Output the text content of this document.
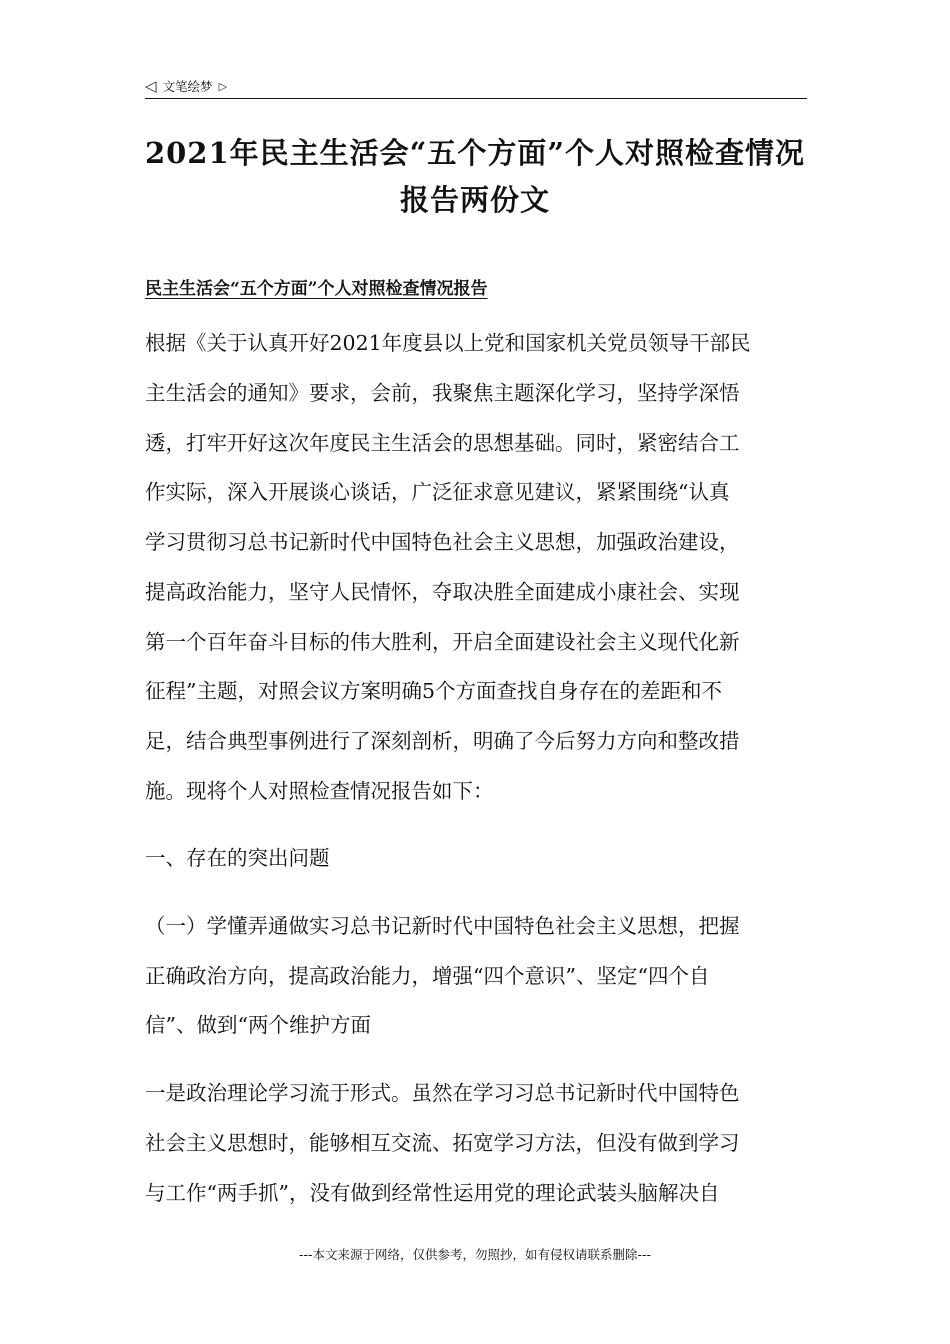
◁ 文笔绘梦 ▷
2021年民主生活会“五个方面”个人对照检查情况
报告两份文

民主生活会“五个方面”个人对照检查情况报告

根据《关于认真开好2021年度县以上党和国家机关党员领导干部民

主生活会的通知》要求，会前，我聚焦主题深化学习，坚持学深悟

透，打牢开好这次年度民主生活会的思想基础。同时，紧密结合工

作实际，深入开展谈心谈话，广泛征求意见建议，紧紧围绕“认真

学习贯彻习总书记新时代中国特色社会主义思想，加强政治建设，

提高政治能力，坚守人民情怀，夺取决胜全面建成小康社会、实现

第一个百年奋斗目标的伟大胜利，开启全面建设社会主义现代化新

征程”主题，对照会议方案明确5个方面查找自身存在的差距和不

足，结合典型事例进行了深刻剖析，明确了今后努力方向和整改措

施。现将个人对照检查情况报告如下：

一、存在的突出问题

（一）学懂弄通做实习总书记新时代中国特色社会主义思想，把握

正确政治方向，提高政治能力，增强“四个意识”、坚定“四个自

信”、做到“两个维护方面

一是政治理论学习流于形式。虽然在学习习总书记新时代中国特色

社会主义思想时，能够相互交流、拓宽学习方法，但没有做到学习

与工作“两手抓”，没有做到经常性运用党的理论武装头脑解决自

---本文来源于网络，仅供参考，勿照抄，如有侵权请联系删除---
